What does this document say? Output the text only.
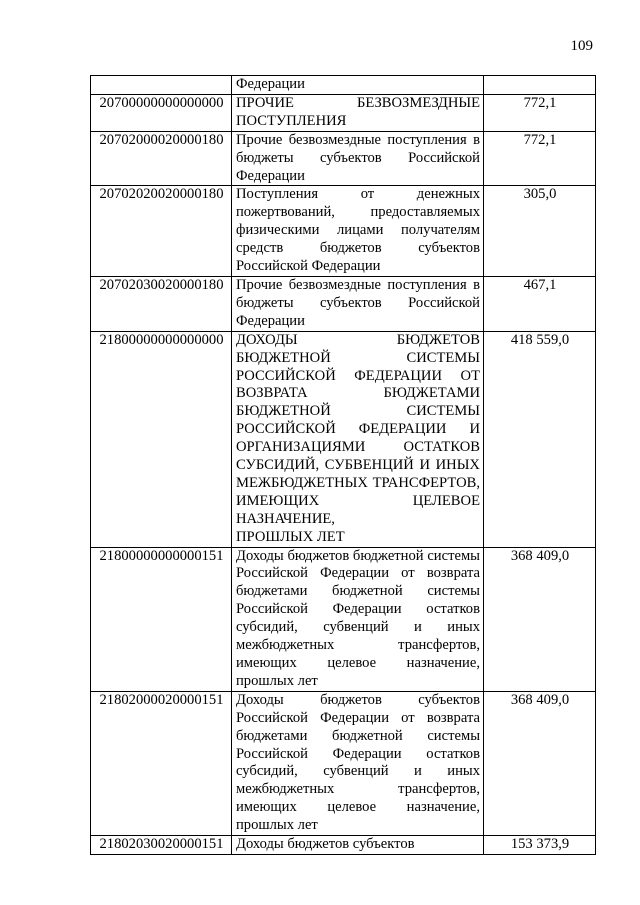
109

	Федерации	

20700000000000000	ПРОЧИЕ БЕЗВОЗМЕЗДНЫЕ
ПОСТУПЛЕНИЯ	772,1
20702000020000180	Прочие безвозмездные поступления в бюджеты субъектов Российской
Федерации	772,1
20702020020000180	Поступления от денежных пожертвований, предоставляемых физическими лицами получателям средств бюджетов субъектов
Российской Федерации	305,0
20702030020000180	Прочие безвозмездные поступления в бюджеты субъектов Российской
Федерации	467,1
21800000000000000	ДОХОДЫ БЮДЖЕТОВ БЮДЖЕТНОЙ СИСТЕМЫ РОССИЙСКОЙ ФЕДЕРАЦИИ ОТ ВОЗВРАТА БЮДЖЕТАМИ БЮДЖЕТНОЙ СИСТЕМЫ РОССИЙСКОЙ ФЕДЕРАЦИИ И ОРГАНИЗАЦИЯМИ ОСТАТКОВ СУБСИДИЙ, СУБВЕНЦИЙ И ИНЫХ МЕЖБЮДЖЕТНЫХ ТРАНСФЕРТОВ, ИМЕЮЩИХ ЦЕЛЕВОЕ НАЗНАЧЕНИЕ,
ПРОШЛЫХ ЛЕТ	418 559,0
21800000000000151	Доходы бюджетов бюджетной системы Российской Федерации от возврата бюджетами бюджетной системы Российской Федерации остатков субсидий, субвенций и иных межбюджетных трансфертов, имеющих целевое назначение,
прошлых лет	368 409,0
21802000020000151	Доходы бюджетов субъектов Российской Федерации от возврата бюджетами бюджетной системы Российской Федерации остатков субсидий, субвенций и иных межбюджетных трансфертов, имеющих целевое назначение,
прошлых лет	368 409,0
21802030020000151	Доходы бюджетов субъектов	153 373,9
